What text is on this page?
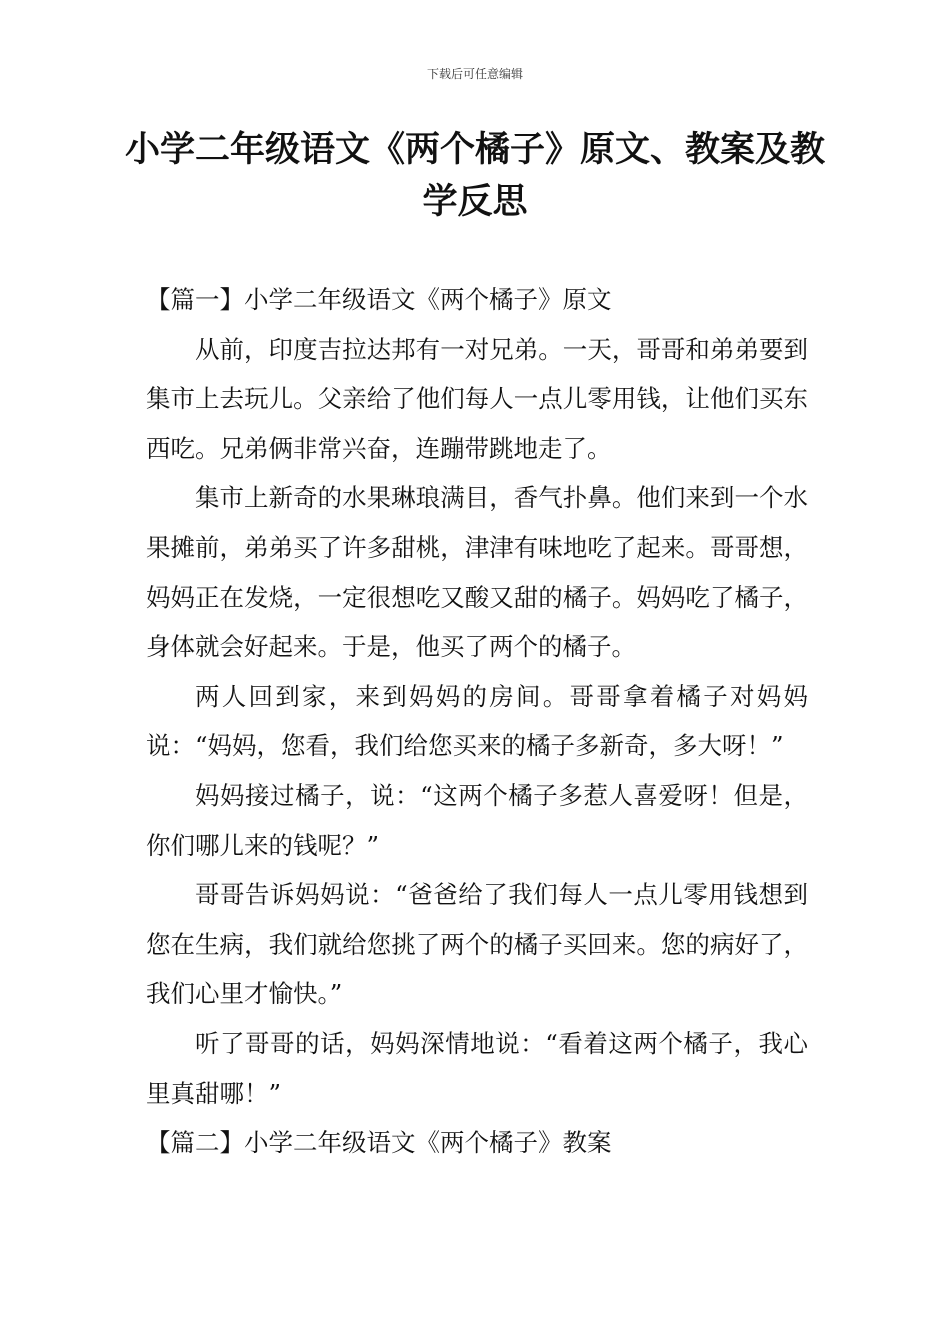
下载后可任意编辑
小学二年级语文《两个橘子》原文、教案及教学反思

【篇一】小学二年级语文《两个橘子》原文

从前，印度吉拉达邦有一对兄弟。一天，哥哥和弟弟要到集市上去玩儿。父亲给了他们每人一点儿零用钱，让他们买东西吃。兄弟俩非常兴奋，连蹦带跳地走了。

集市上新奇的水果琳琅满目，香气扑鼻。他们来到一个水果摊前，弟弟买了许多甜桃，津津有味地吃了起来。哥哥想，妈妈正在发烧，一定很想吃又酸又甜的橘子。妈妈吃了橘子，身体就会好起来。于是，他买了两个的橘子。

两人回到家，来到妈妈的房间。哥哥拿着橘子对妈妈说：“妈妈，您看，我们给您买来的橘子多新奇，多大呀！”

妈妈接过橘子，说：“这两个橘子多惹人喜爱呀！但是，你们哪儿来的钱呢？”

哥哥告诉妈妈说：“爸爸给了我们每人一点儿零用钱想到您在生病，我们就给您挑了两个的橘子买回来。您的病好了，我们心里才愉快。”

听了哥哥的话，妈妈深情地说：“看着这两个橘子，我心里真甜哪！”

【篇二】小学二年级语文《两个橘子》教案
